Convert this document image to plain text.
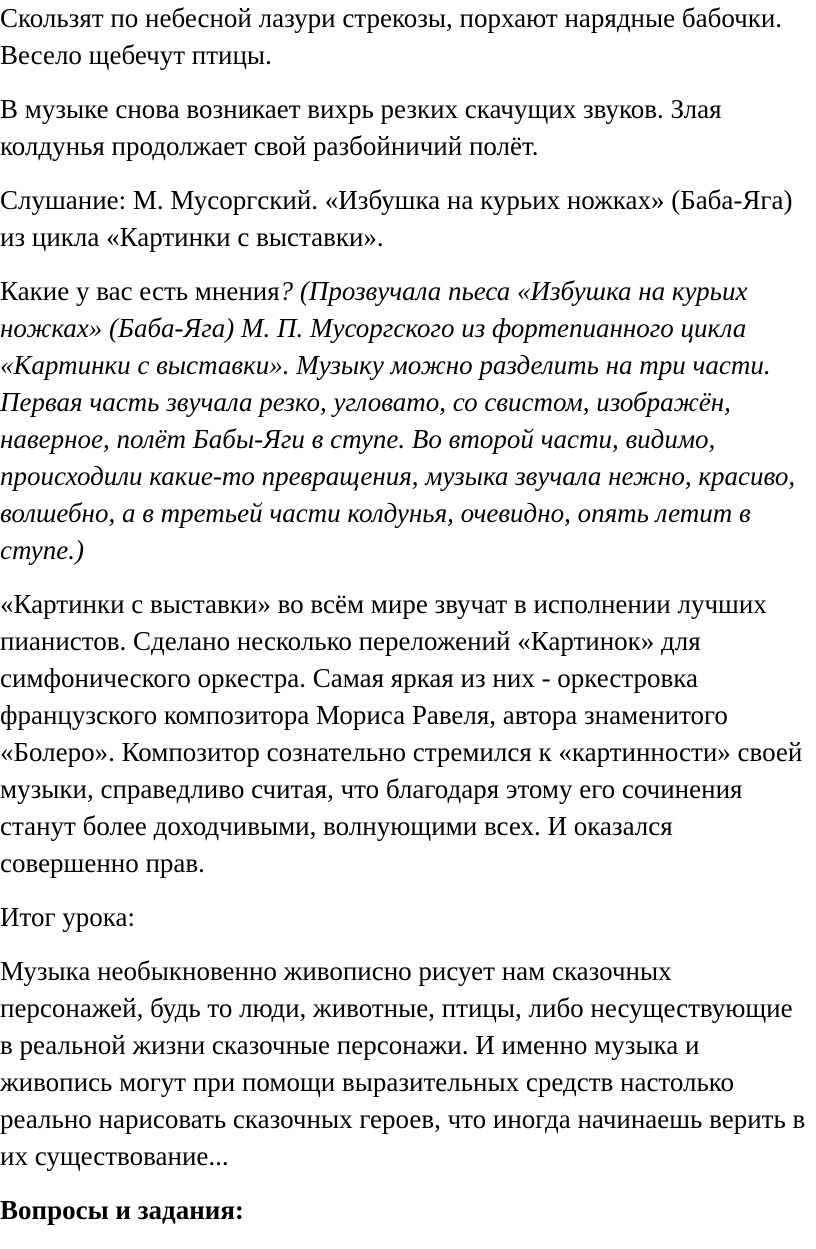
Скользят по небесной лазури стрекозы, порхают нарядные бабочки. Весело щебечут птицы.

В музыке снова возникает вихрь резких скачущих звуков. Злая колдунья продолжает свой разбойничий полёт.

Слушание: М. Мусоргский. «Избушка на курьих ножках» (Баба-Яга) из цикла «Картинки с выставки».

Какие у вас есть мнения? (Прозвучала пьеса «Избушка на курьих ножках» (Баба-Яга) М. П. Мусоргского из фортепианного цикла «Картинки с выставки». Музыку можно разделить на три части. Первая часть звучала резко, угловато, со свистом, изображён, наверное, полёт Бабы-Яги в ступе. Во второй части, видимо, происходили какие-то превращения, музыка звучала нежно, красиво, волшебно, а в третьей части колдунья, очевидно, опять летит в ступе.)

«Картинки с выставки» во всём мире звучат в исполнении лучших пианистов. Сделано несколько переложений «Картинок» для симфонического оркестра. Самая яркая из них - оркестровка французского композитора Мориса Равеля, автора знаменитого «Болеро». Композитор сознательно стремился к «картинности» своей музыки, справедливо считая, что благодаря этому его сочинения станут более доходчивыми, волнующими всех. И оказался совершенно прав.

Итог урока:

Музыка необыкновенно живописно рисует нам сказочных персонажей, будь то люди, животные, птицы, либо несуществующие в реальной жизни сказочные персонажи. И именно музыка и живопись могут при помощи выразительных средств настолько реально нарисовать сказочных героев, что иногда начинаешь верить в их существование...

Вопросы и задания:
